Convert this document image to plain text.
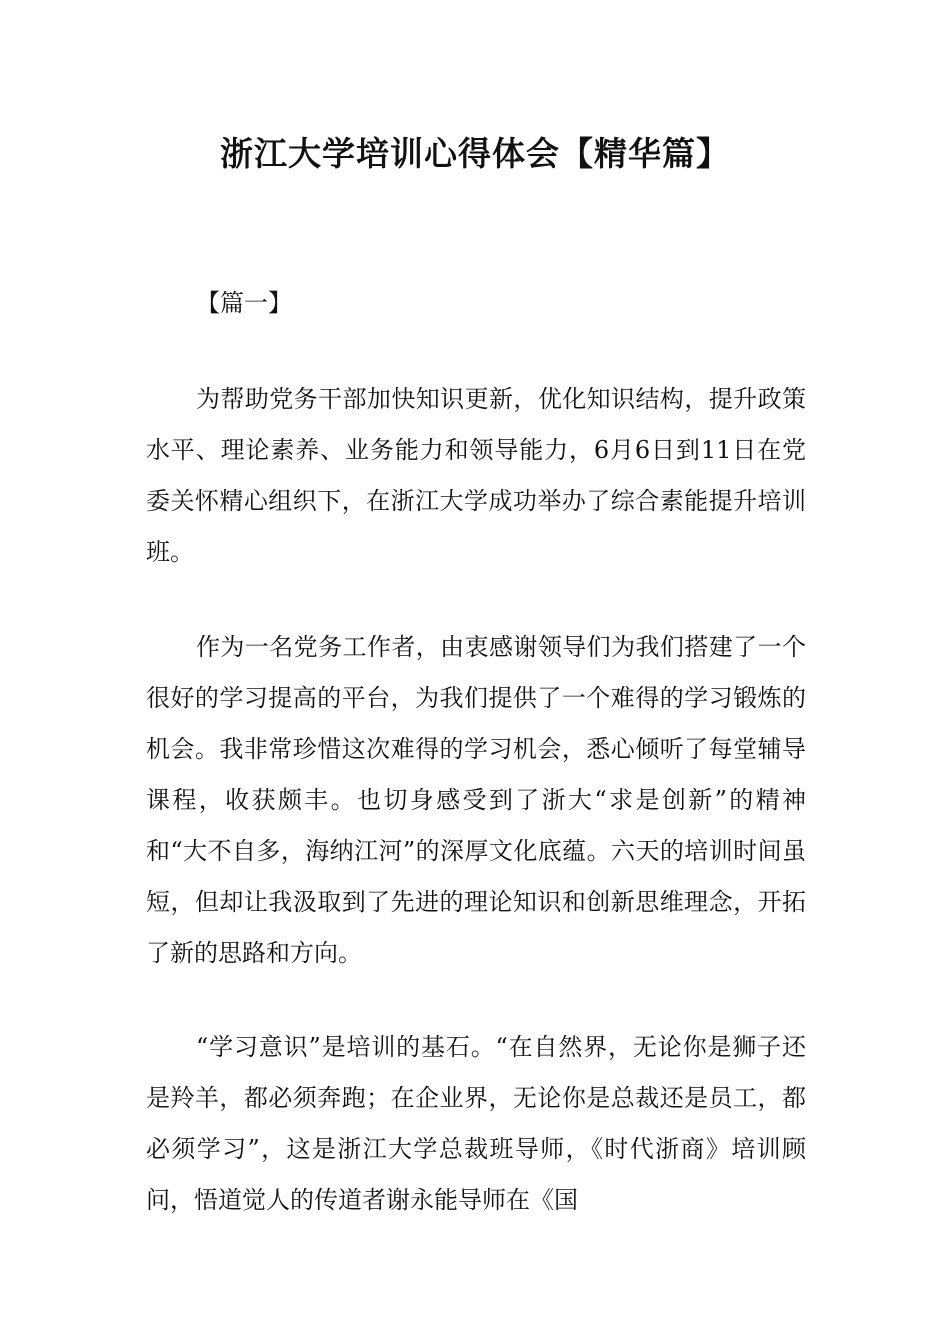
浙江大学培训心得体会【精华篇】
【篇一】

为帮助党务干部加快知识更新，优化知识结构，提升政策水平、理论素养、业务能力和领导能力，6月6日到11日在党委关怀精心组织下，在浙江大学成功举办了综合素能提升培训班。

作为一名党务工作者，由衷感谢领导们为我们搭建了一个很好的学习提高的平台，为我们提供了一个难得的学习锻炼的机会。我非常珍惜这次难得的学习机会，悉心倾听了每堂辅导课程，收获颇丰。也切身感受到了浙大“求是创新”的精神和“大不自多，海纳江河”的深厚文化底蕴。六天的培训时间虽短，但却让我汲取到了先进的理论知识和创新思维理念，开拓了新的思路和方向。

“学习意识”是培训的基石。“在自然界，无论你是狮子还是羚羊，都必须奔跑；在企业界，无论你是总裁还是员工，都必须学习”，这是浙江大学总裁班导师，《时代浙商》培训顾问，悟道觉人的传道者谢永能导师在《国
